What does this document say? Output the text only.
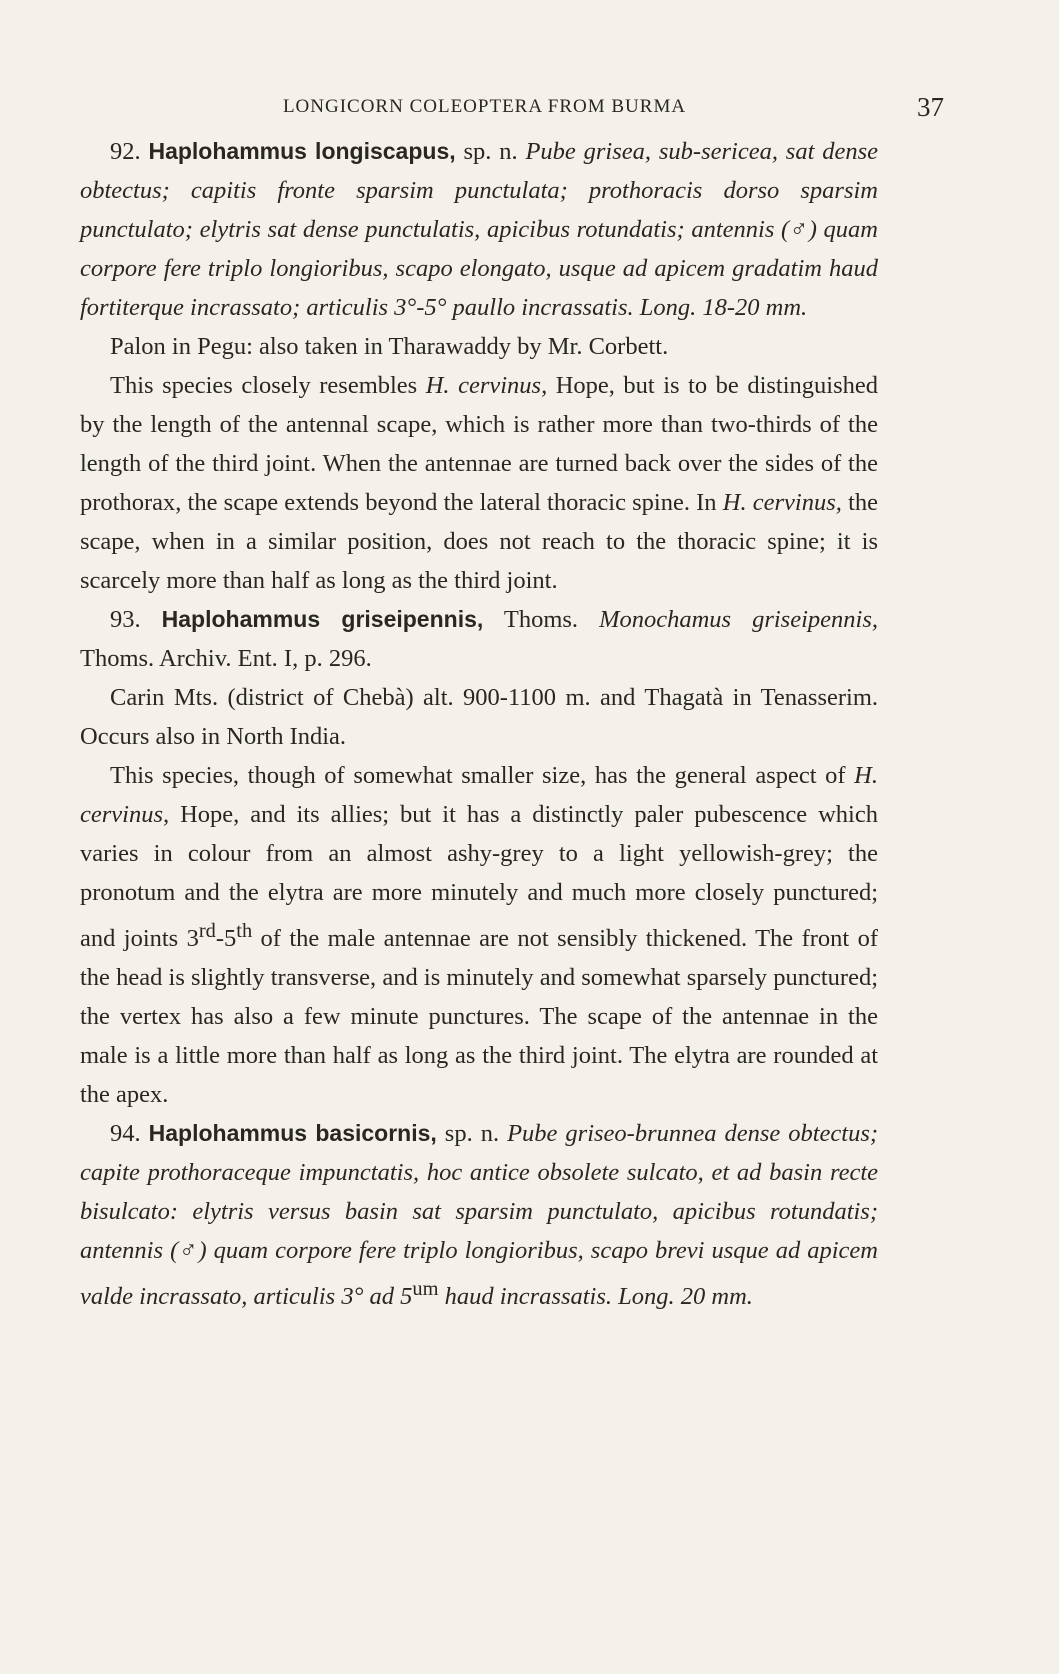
LONGICORN COLEOPTERA FROM BURMA	37

92. Haplohammus longiscapus, sp. n. Pube grisea, sub-sericea, sat dense obtectus; capitis fronte sparsim punctulata; prothoracis dorso sparsim punctulato; elytris sat dense punctulatis, apicibus rotundatis; antennis (♂) quam corpore fere triplo longioribus, scapo elongato, usque ad apicem gradatim haud fortiterque incrassato; articulis 3°-5° paullo incrassatis. Long. 18-20 mm.

Palon in Pegu: also taken in Tharawaddy by Mr. Corbett.

This species closely resembles H. cervinus, Hope, but is to be distinguished by the length of the antennal scape, which is rather more than two-thirds of the length of the third joint. When the antennae are turned back over the sides of the prothorax, the scape extends beyond the lateral thoracic spine. In H. cervinus, the scape, when in a similar position, does not reach to the thoracic spine; it is scarcely more than half as long as the third joint.

93. Haplohammus griseipennis, Thoms. Monochamus griseipennis, Thoms. Archiv. Ent. I, p. 296.

Carin Mts. (district of Chebà) alt. 900-1100 m. and Thagatà in Tenasserim. Occurs also in North India.

This species, though of somewhat smaller size, has the general aspect of H. cervinus, Hope, and its allies; but it has a distinctly paler pubescence which varies in colour from an almost ashy-grey to a light yellowish-grey; the pronotum and the elytra are more minutely and much more closely punctured; and joints 3rd-5th of the male antennae are not sensibly thickened. The front of the head is slightly transverse, and is minutely and somewhat sparsely punctured; the vertex has also a few minute punctures. The scape of the antennae in the male is a little more than half as long as the third joint. The elytra are rounded at the apex.

94. Haplohammus basicornis, sp. n. Pube griseo-brunnea dense obtectus; capite prothoraceque impunctatis, hoc antice obsolete sulcato, et ad basin recte bisulcato: elytris versus basin sat sparsim punctulato, apicibus rotundatis; antennis (♂) quam corpore fere triplo longioribus, scapo brevi usque ad apicem valde incrassato, articulis 3° ad $5^{um}$ haud incrassatis. Long. 20 mm.
